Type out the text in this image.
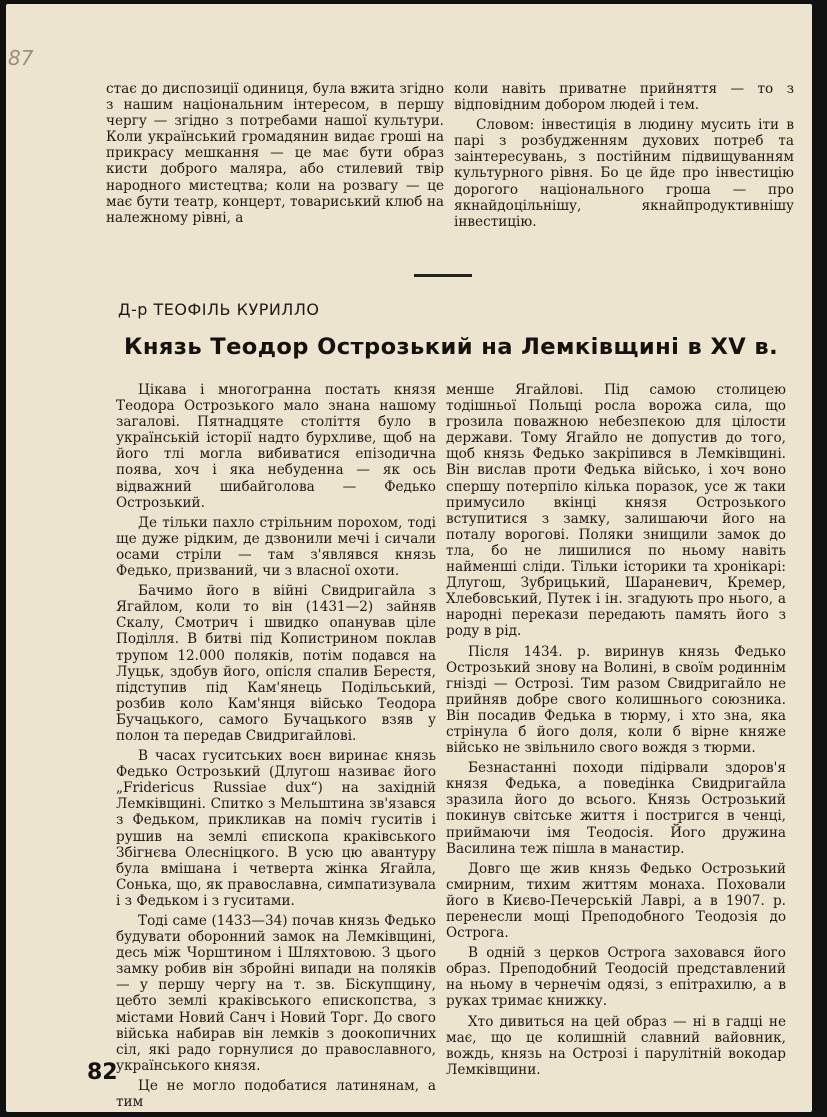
87

стає до диспозиції одиниця, була вжита згідно з нашим національним інтересом, в першу чергу — згідно з потребами нашої культури. Коли український громадянин видає гроші на прикрасу мешкання — це має бути образ кисти доброго маляра, або стилевий твір народного мистецтва; коли на розвагу — це має бути театр, концерт, товариський клюб на належному рівні, а

коли навіть приватне прийняття — то з відповідним добором людей і тем.

Словом: інвестиція в людину мусить іти в парі з розбудженням духових потреб та заінтересувань, з постійним підвищуванням культурного рівня. Бо це йде про інвестицію дорогого національного гроша — про якнайдоцільнішу, якнайпродуктивнішу інвестицію.

Д-р ТЕОФІЛЬ КУРИЛЛО
Князь Теодор Острозький на Лемківщині в XV в.

Цікава і многогранна постать князя Теодора Острозького мало знана нашому загалові. Пятнадцяте століття було в українській історії надто бурхливе, щоб на його тлі могла вибиватися епізодична поява, хоч і яка небуденна — як ось відважний шибайголова — Федько Острозький.

Де тільки пахло стрільним порохом, тоді ще дуже рідким, де дзвонили мечі і сичали осами стріли — там з'являвся князь Федько, призваний, чи з власної охоти.

Бачимо його в війні Свидригайла з Ягайлом, коли то він (1431—2) зайняв Скалу, Смотрич і швидко опанував ціле Поділля. В битві під Копистрином поклав трупом 12.000 поляків, потім подався на Луцьк, здобув його, опісля спалив Берестя, підступив під Кам'янець Подільський, розбив коло Кам'янця військо Теодора Бучацького, самого Бучацького взяв у полон та передав Свидригайлові.

В часах гуситських воєн виринає князь Федько Острозький (Длугош називає його „Fridericus Russiae dux“) на західній Лемківщині. Спитко з Мельштина зв'язався з Федьком, прикликав на поміч гуситів і рушив на землі єпископа краківського Збігнєва Олесніцкого. В усю цю авантуру була вмішана і четверта жінка Ягайла, Сонька, що, як православна, симпатизувала і з Федьком і з гуситами.

Тоді саме (1433—34) почав князь Федько будувати оборонний замок на Лемківщині, десь між Чорштином і Шляхтовою. З цього замку робив він збройні випади на поляків — у першу чергу на т. зв. Біскупщину, цебто землі краківського епископства, з містами Новий Санч і Новий Торг. До свого війська набирав він лемків з доокопичних сіл, які радо горнулися до православного, українського князя.

Це не могло подобатися латинянам, а тим

менше Ягайлові. Під самою столицею тодішньої Польщі росла ворожа сила, що грозила поважною небезпекою для цілости держави. Тому Ягайло не допустив до того, щоб князь Федько закріпився в Лемківщині. Він вислав проти Федька військо, і хоч воно спершу потерпіло кілька поразок, усе ж таки примусило вкінці князя Острозького вступитися з замку, залишаючи його на поталу ворогові. Поляки знищили замок до тла, бо не лишилися по ньому навіть найменші сліди. Тільки історики та хронікарі: Длугош, Зубрицький, Шараневич, Кремер, Хлебовський, Путек і ін. згадують про нього, а народні перекази передають память його з роду в рід.

Після 1434. р. виринув князь Федько Острозький знову на Волині, в своїм родиннім гнізді — Острозі. Тим разом Свидригайло не прийняв добре свого колишнього союзника. Він посадив Федька в тюрму, і хто зна, яка стрінула б його доля, коли б вірне княже військо не звільнило свого вождя з тюрми.

Безнастанні походи підірвали здоров'я князя Федька, а поведінка Свидригайла зразила його до всього. Князь Острозький покинув світське життя і постригся в ченці, приймаючи імя Теодосія. Його дружина Василина теж пішла в манастир.

Довго ще жив князь Федько Острозький смирним, тихим життям монаха. Поховали його в Києво-Печерській Лаврі, а в 1907. р. перенесли мощі Преподобного Теодозія до Острога.

В одній з церков Острога заховався його образ. Преподобний Теодосій представлений на ньому в чернечім одязі, з епітрахилю, а в руках тримає книжку.

Хто дивиться на цей образ — ні в гадці не має, що це колишній славний вайовник, вождь, князь на Острозі і парулітній вокодар Лемківщини.

82
